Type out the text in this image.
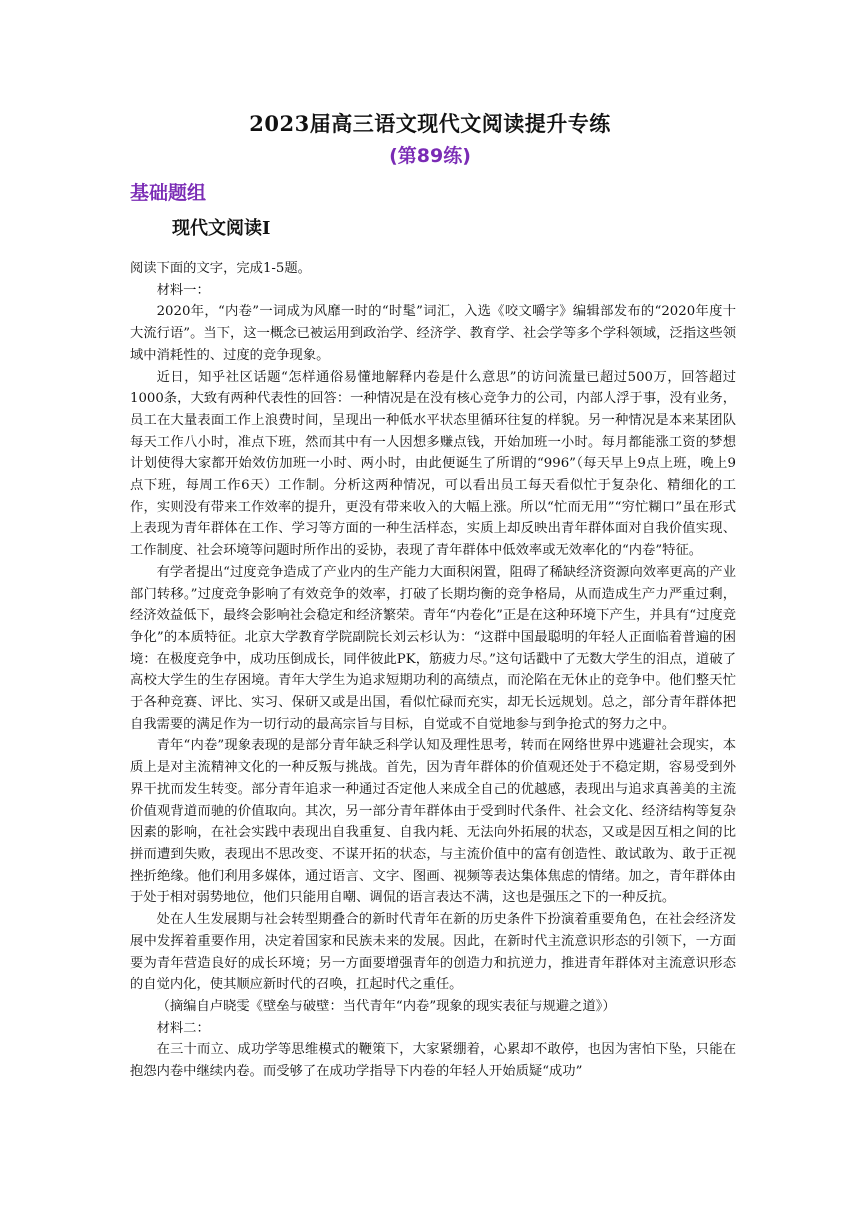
2023届高三语文现代文阅读提升专练
(第89练)
基础题组
现代文阅读Ⅰ

阅读下面的文字，完成1-5题。

材料一：

2020年，“内卷”一词成为风靡一时的“时髦”词汇，入选《咬文嚼字》编辑部发布的“2020年度十大流行语”。当下，这一概念已被运用到政治学、经济学、教育学、社会学等多个学科领域，泛指这些领域中消耗性的、过度的竞争现象。

近日，知乎社区话题“怎样通俗易懂地解释内卷是什么意思”的访问流量已超过500万，回答超过1000条，大致有两种代表性的回答：一种情况是在没有核心竞争力的公司，内部人浮于事，没有业务，员工在大量表面工作上浪费时间，呈现出一种低水平状态里循环往复的样貌。另一种情况是本来某团队每天工作八小时，准点下班，然而其中有一人因想多赚点钱，开始加班一小时。每月都能涨工资的梦想计划使得大家都开始效仿加班一小时、两小时，由此便诞生了所谓的“996”（每天早上9点上班，晚上9点下班，每周工作6天）工作制。分析这两种情况，可以看出员工每天看似忙于复杂化、精细化的工作，实则没有带来工作效率的提升，更没有带来收入的大幅上涨。所以“忙而无用”“穷忙糊口”虽在形式上表现为青年群体在工作、学习等方面的一种生活样态，实质上却反映出青年群体面对自我价值实现、工作制度、社会环境等问题时所作出的妥协，表现了青年群体中低效率或无效率化的“内卷”特征。

有学者提出“过度竞争造成了产业内的生产能力大面积闲置，阻碍了稀缺经济资源向效率更高的产业部门转移。”过度竞争影响了有效竞争的效率，打破了长期均衡的竞争格局，从而造成生产力严重过剩，经济效益低下，最终会影响社会稳定和经济繁荣。青年“内卷化”正是在这种环境下产生，并具有“过度竞争化”的本质特征。北京大学教育学院副院长刘云杉认为：“这群中国最聪明的年轻人正面临着普遍的困境：在极度竞争中，成功压倒成长，同伴彼此PK，筋疲力尽。”这句话戳中了无数大学生的泪点，道破了高校大学生的生存困境。青年大学生为追求短期功利的高绩点，而沦陷在无休止的竞争中。他们整天忙于各种竞赛、评比、实习、保研又或是出国，看似忙碌而充实，却无长远规划。总之，部分青年群体把自我需要的满足作为一切行动的最高宗旨与目标，自觉或不自觉地参与到争抢式的努力之中。

青年“内卷”现象表现的是部分青年缺乏科学认知及理性思考，转而在网络世界中逃避社会现实，本质上是对主流精神文化的一种反叛与挑战。首先，因为青年群体的价值观还处于不稳定期，容易受到外界干扰而发生转变。部分青年追求一种通过否定他人来成全自己的优越感，表现出与追求真善美的主流价值观背道而驰的价值取向。其次，另一部分青年群体由于受到时代条件、社会文化、经济结构等复杂因素的影响，在社会实践中表现出自我重复、自我内耗、无法向外拓展的状态，又或是因互相之间的比拼而遭到失败，表现出不思改变、不谋开拓的状态，与主流价值中的富有创造性、敢试敢为、敢于正视挫折绝缘。他们利用多媒体，通过语言、文字、图画、视频等表达集体焦虑的情绪。加之，青年群体由于处于相对弱势地位，他们只能用自嘲、调侃的语言表达不满，这也是强压之下的一种反抗。

处在人生发展期与社会转型期叠合的新时代青年在新的历史条件下扮演着重要角色，在社会经济发展中发挥着重要作用，决定着国家和民族未来的发展。因此，在新时代主流意识形态的引领下，一方面要为青年营造良好的成长环境；另一方面要增强青年的创造力和抗逆力，推进青年群体对主流意识形态的自觉内化，使其顺应新时代的召唤，扛起时代之重任。

（摘编自卢晓雯《壁垒与破壁：当代青年“内卷”现象的现实表征与规避之道》）

材料二：

在三十而立、成功学等思维模式的鞭策下，大家紧绷着，心累却不敢停，也因为害怕下坠，只能在抱怨内卷中继续内卷。而受够了在成功学指导下内卷的年轻人开始质疑“成功”
